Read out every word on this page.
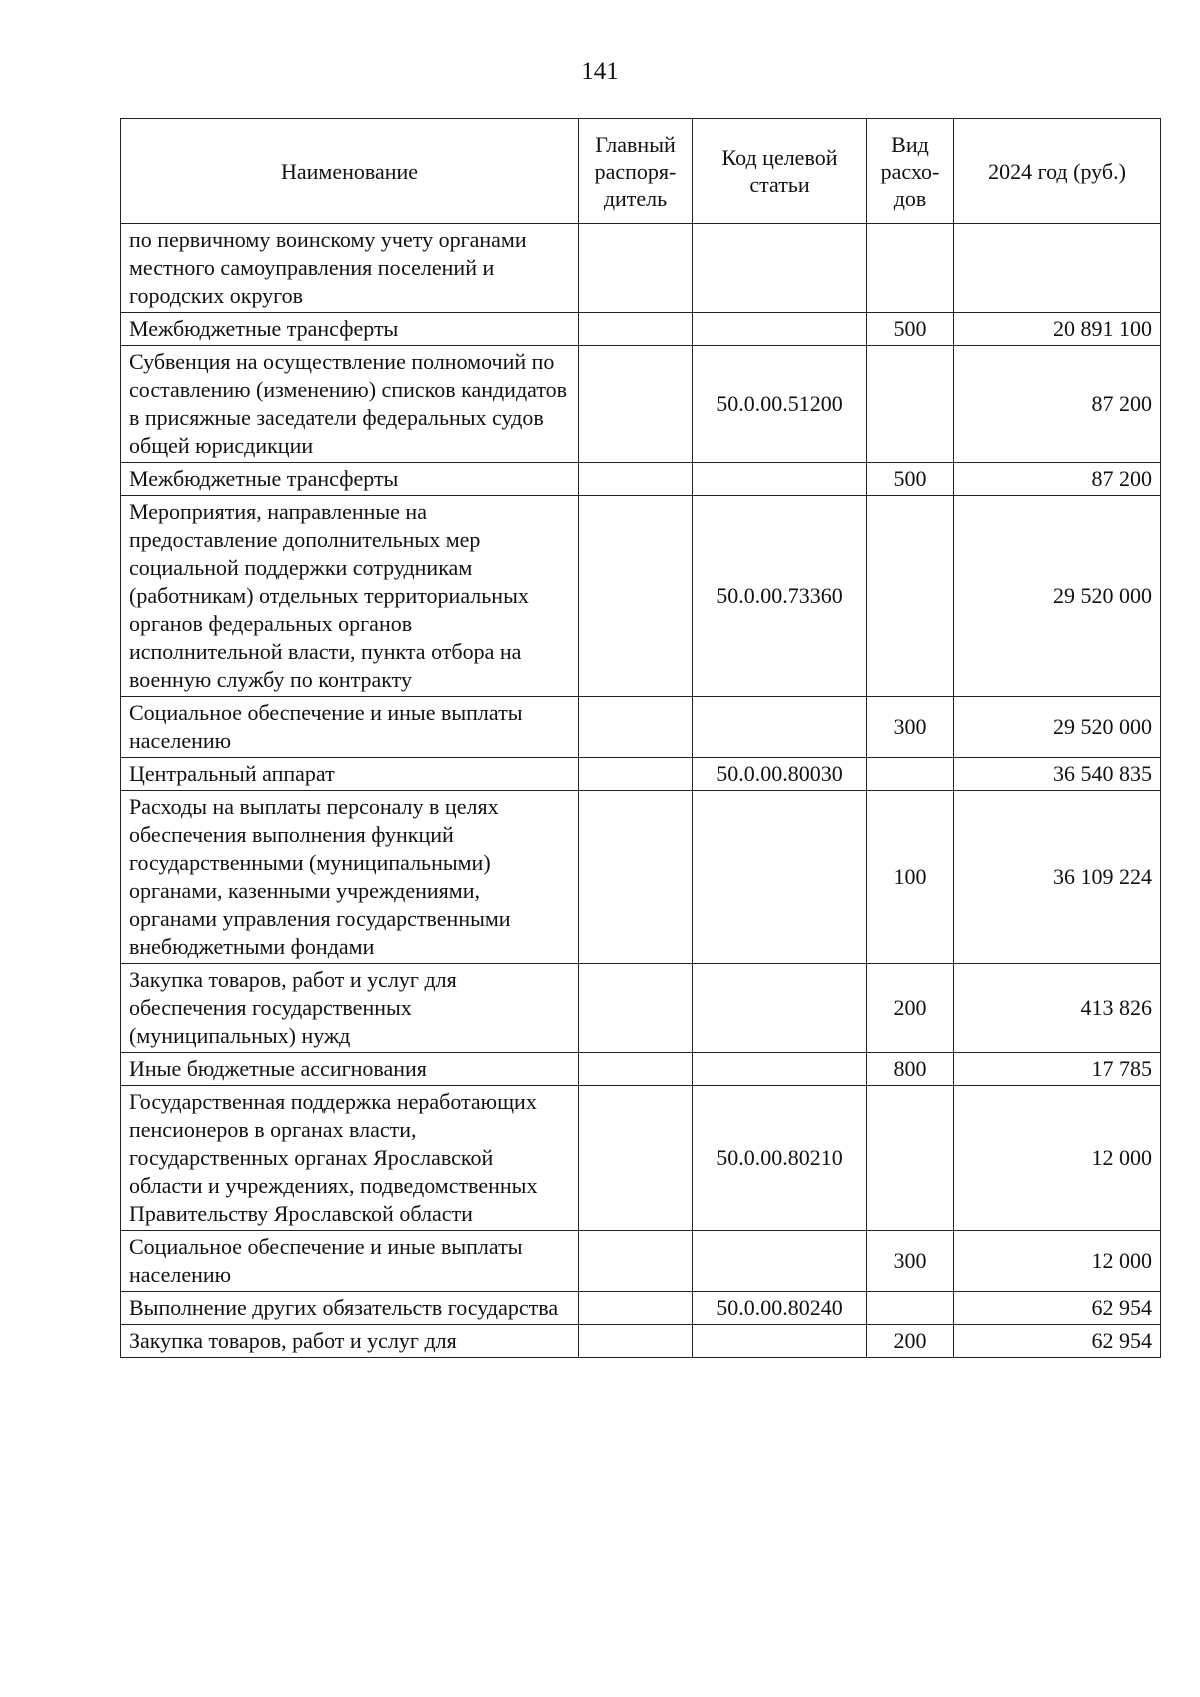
141
Наименование	Главный распоря-дитель	Код целевой статьи	Вид расхо-дов	2024 год (руб.)
по первичному воинскому учету органами местного самоуправления поселений и городских округов				
Межбюджетные трансферты			500	20 891 100
Субвенция на осуществление полномочий по составлению (изменению) списков кандидатов в присяжные заседатели федеральных судов общей юрисдикции		50.0.00.51200		87 200
Межбюджетные трансферты			500	87 200
Мероприятия, направленные на предоставление дополнительных мер социальной поддержки сотрудникам (работникам) отдельных территориальных органов федеральных органов исполнительной власти, пункта отбора на военную службу по контракту		50.0.00.73360		29 520 000
Социальное обеспечение и иные выплаты населению			300	29 520 000
Центральный аппарат		50.0.00.80030		36 540 835
Расходы на выплаты персоналу в целях обеспечения выполнения функций государственными (муниципальными) органами, казенными учреждениями, органами управления государственными внебюджетными фондами			100	36 109 224
Закупка товаров, работ и услуг для обеспечения государственных (муниципальных) нужд			200	413 826
Иные бюджетные ассигнования			800	17 785
Государственная поддержка неработающих пенсионеров в органах власти, государственных органах Ярославской области и учреждениях, подведомственных Правительству Ярославской области		50.0.00.80210		12 000
Социальное обеспечение и иные выплаты населению			300	12 000
Выполнение других обязательств государства		50.0.00.80240		62 954
Закупка товаров, работ и услуг для			200	62 954
